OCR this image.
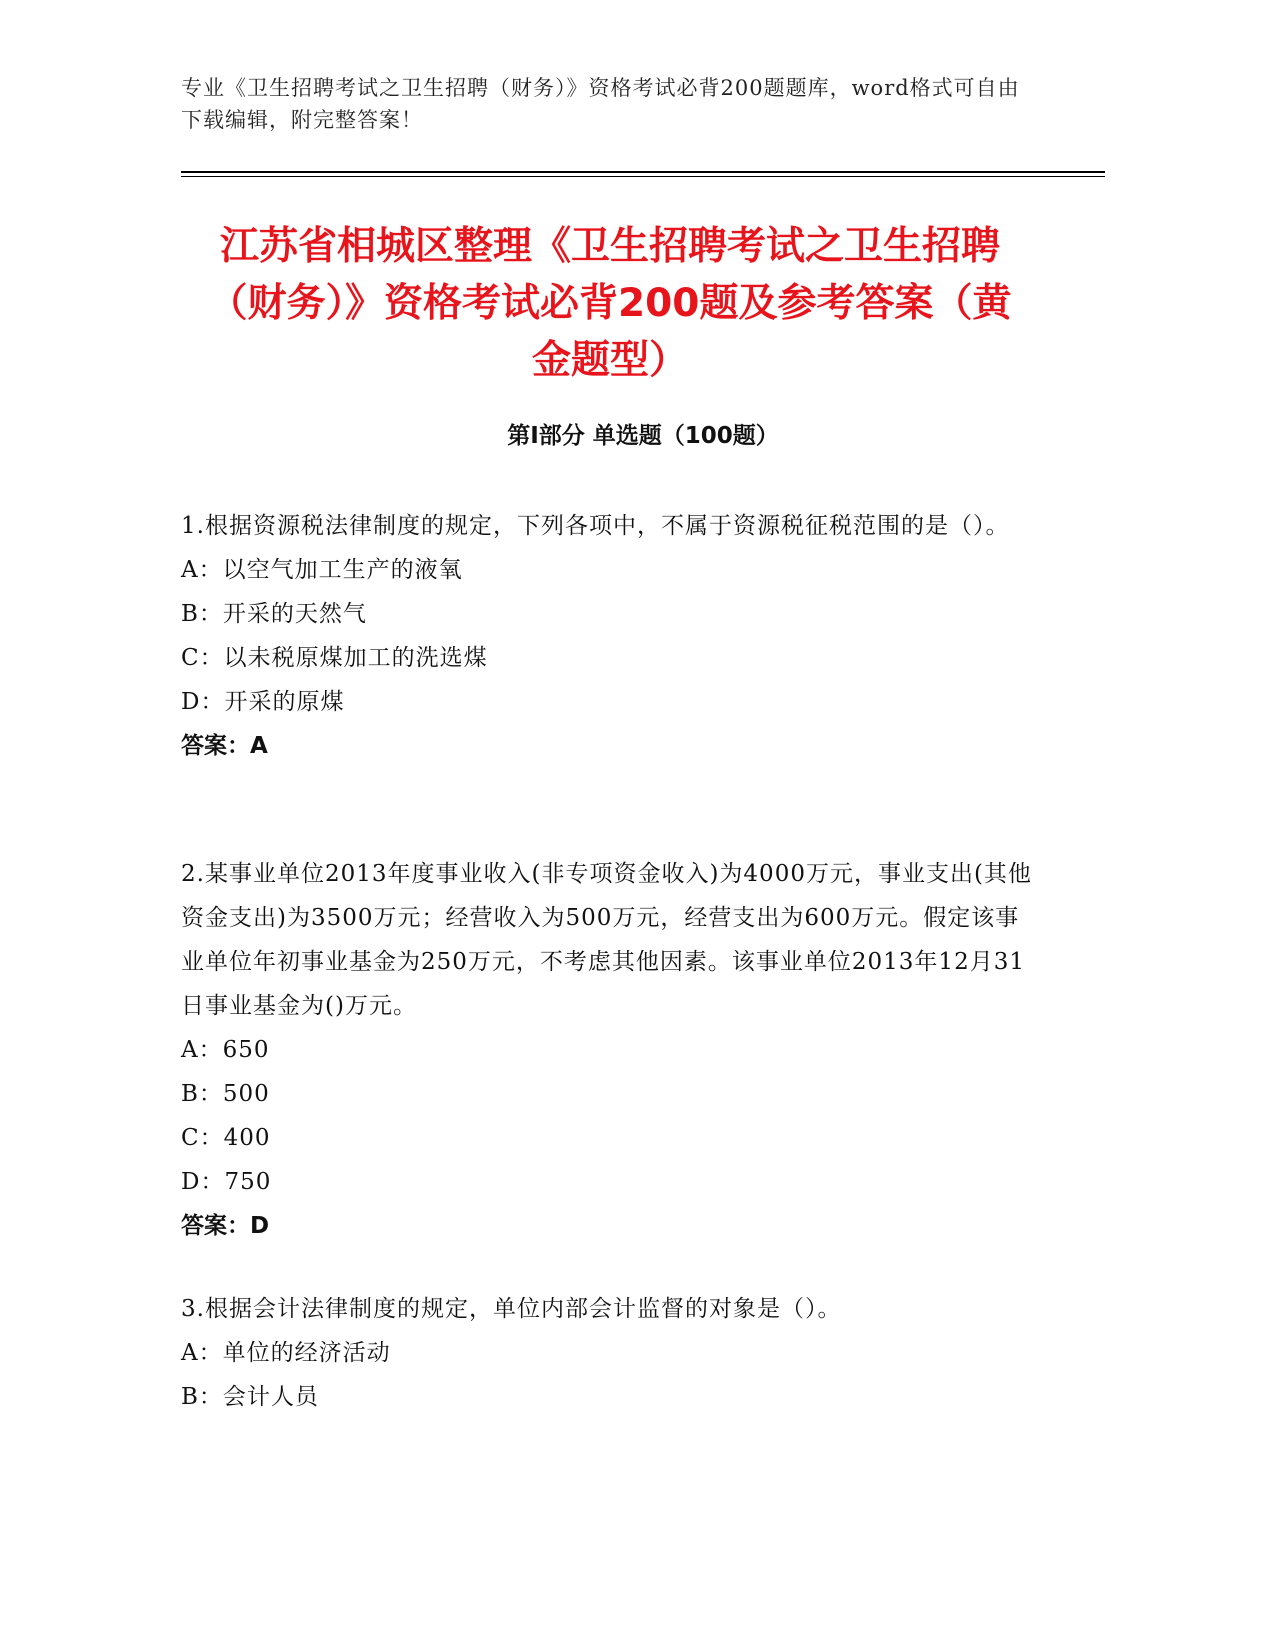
专业《卫生招聘考试之卫生招聘（财务）》资格考试必背200题题库，word格式可自由下载编辑，附完整答案！
江苏省相城区整理《卫生招聘考试之卫生招聘（财务）》资格考试必背200题及参考答案（黄金题型）
第I部分 单选题（100题）

1.根据资源税法律制度的规定，下列各项中，不属于资源税征税范围的是（）。

A：以空气加工生产的液氧

B：开采的天然气

C：以未税原煤加工的洗选煤

D：开采的原煤

答案：A

2.某事业单位2013年度事业收入(非专项资金收入)为4000万元，事业支出(其他资金支出)为3500万元；经营收入为500万元，经营支出为600万元。假定该事业单位年初事业基金为250万元，不考虑其他因素。该事业单位2013年12月31日事业基金为()万元。

A：650

B：500

C：400

D：750

答案：D

3.根据会计法律制度的规定，单位内部会计监督的对象是（）。

A：单位的经济活动

B：会计人员
